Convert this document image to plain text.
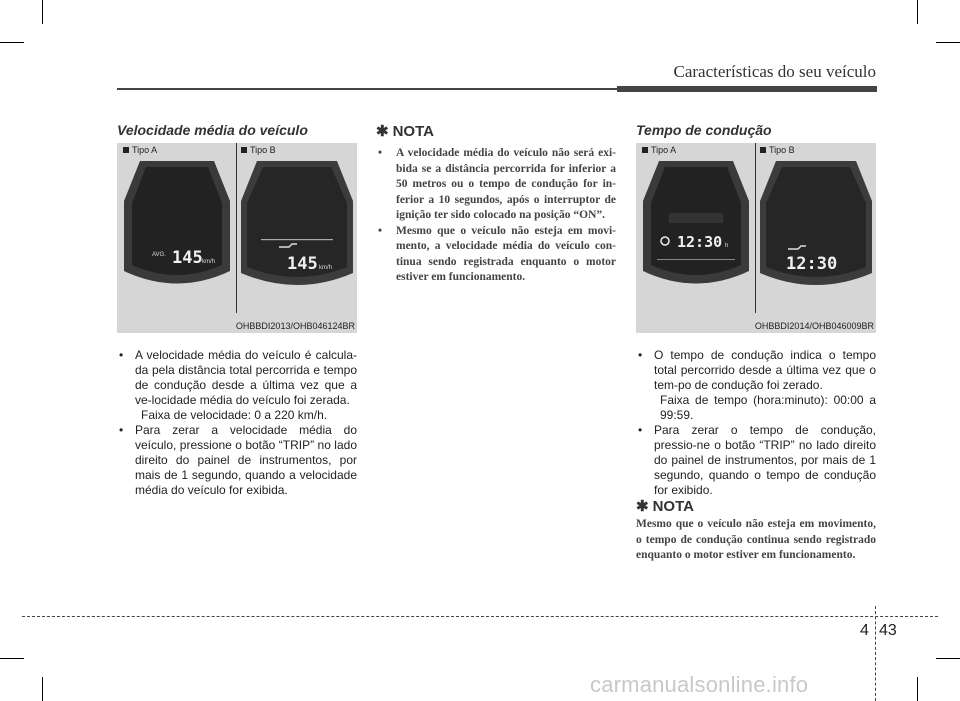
Características do seu veículo
Velocidade média do veículo
Tipo A	Tipo B
AVG. 145 km/h	145 km/h
OHBBDI2013/OHB046124BR
• A velocidade média do veículo é calcula-da pela distância total percorrida e tempo de condução desde a última vez que a ve-locidade média do veículo foi zerada.
Faixa de velocidade: 0 a 220 km/h.
• Para zerar a velocidade média do veículo, pressione o botão “TRIP” no lado direito do painel de instrumentos, por mais de 1 segundo, quando a velocidade média do veículo for exibida.
✱ NOTA
• A velocidade média do veículo não será exi-bida se a distância percorrida for inferior a 50 metros ou o tempo de condução for in-ferior a 10 segundos, após o interruptor de ignição ter sido colocado na posição “ON”.
• Mesmo que o veículo não esteja em movi-mento, a velocidade média do veículo con-tinua sendo registrada enquanto o motor estiver em funcionamento.
Tempo de condução
Tipo A	Tipo B
12:30 h
12:30
OHBBDI2014/OHB046009BR
• O tempo de condução indica o tempo total percorrido desde a última vez que o tem-po de condução foi zerado.
Faixa de tempo (hora:minuto): 00:00 a 99:59.
• Para zerar o tempo de condução, pressio-ne o botão “TRIP” no lado direito do painel de instrumentos, por mais de 1 segundo, quando o tempo de condução for exibido.
✱ NOTA

Mesmo que o veículo não esteja em movimento, o tempo de condução continua sendo registrado enquanto o motor estiver em funcionamento.

4 43
carmanualsonline.info
